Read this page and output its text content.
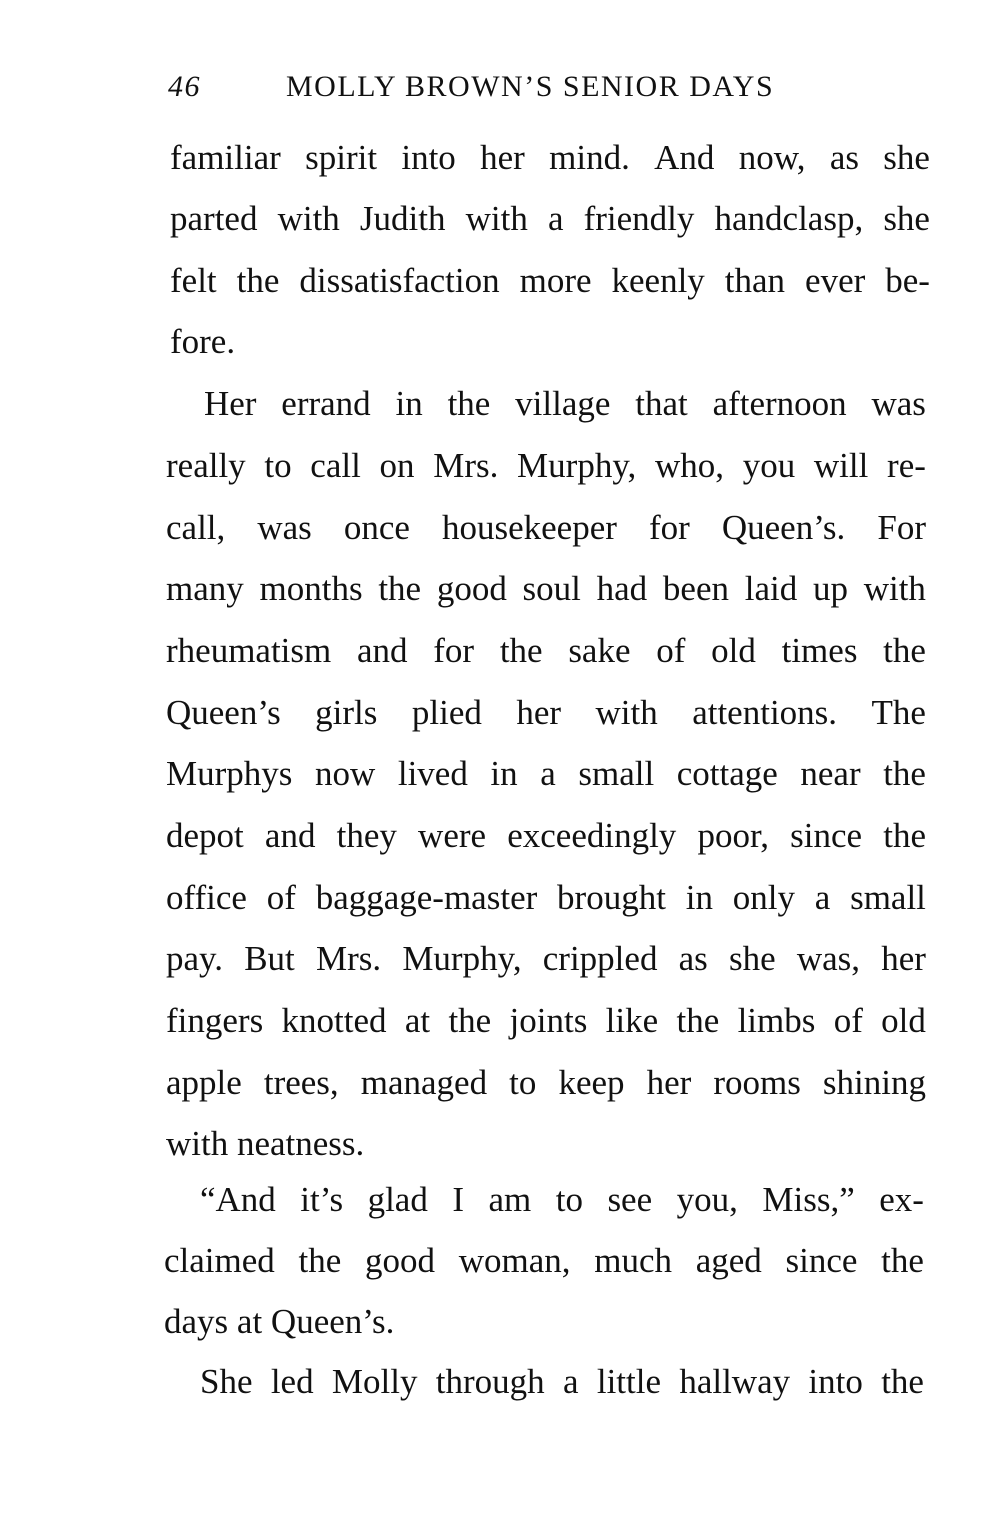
46	MOLLY BROWN’S SENIOR DAYS
familiar spirit into her mind. And now, as she
parted with Judith with a friendly handclasp, she
felt the dissatisfaction more keenly than ever be-
fore.
Her errand in the village that afternoon was
really to call on Mrs. Murphy, who, you will re-
call, was once housekeeper for Queen’s. For
many months the good soul had been laid up with
rheumatism and for the sake of old times the
Queen’s girls plied her with attentions. The
Murphys now lived in a small cottage near the
depot and they were exceedingly poor, since the
office of baggage-master brought in only a small
pay. But Mrs. Murphy, crippled as she was, her
fingers knotted at the joints like the limbs of old
apple trees, managed to keep her rooms shining
with neatness.
“And it’s glad I am to see you, Miss,” ex-
claimed the good woman, much aged since the
days at Queen’s.
She led Molly through a little hallway into the
